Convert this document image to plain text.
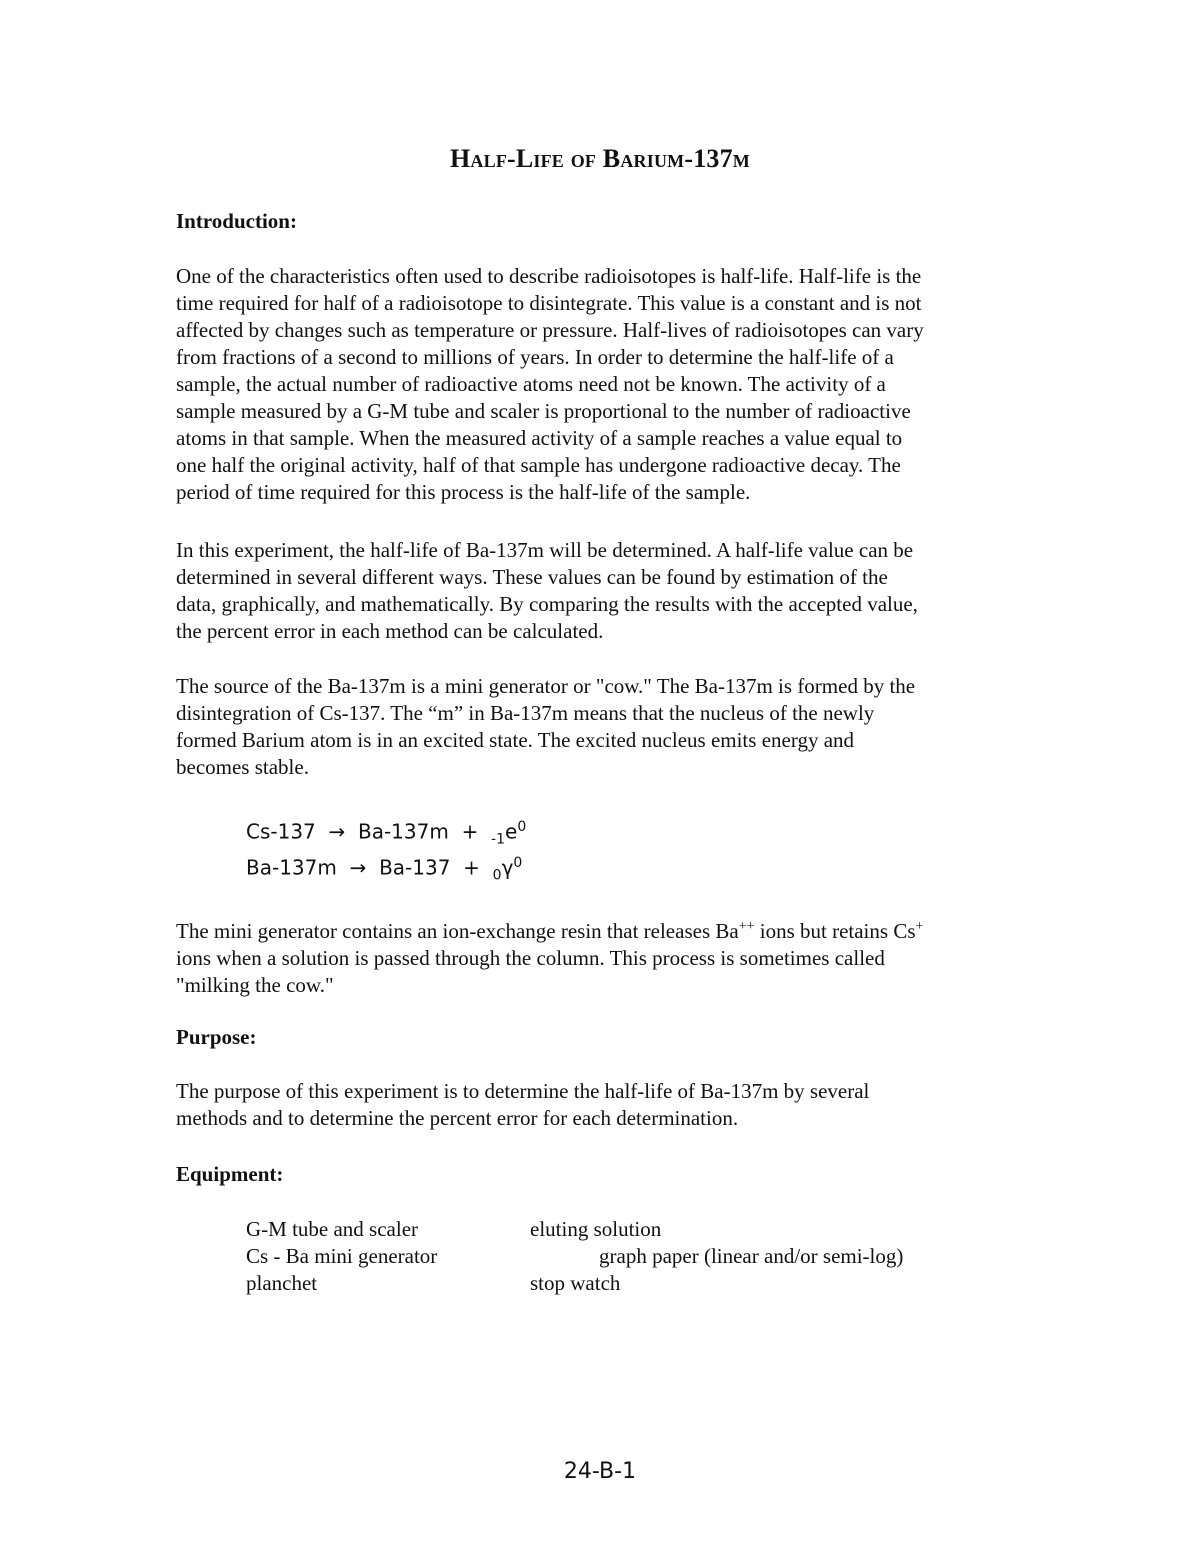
Half-Life of Barium-137m
Introduction:
One of the characteristics often used to describe radioisotopes is half-life. Half-life is the
time required for half of a radioisotope to disintegrate. This value is a constant and is not
affected by changes such as temperature or pressure. Half-lives of radioisotopes can vary
from fractions of a second to millions of years. In order to determine the half-life of a
sample, the actual number of radioactive atoms need not be known. The activity of a
sample measured by a G-M tube and scaler is proportional to the number of radioactive
atoms in that sample. When the measured activity of a sample reaches a value equal to
one half the original activity, half of that sample has undergone radioactive decay. The
period of time required for this process is the half-life of the sample.
In this experiment, the half-life of Ba-137m will be determined. A half-life value can be
determined in several different ways. These values can be found by estimation of the
data, graphically, and mathematically. By comparing the results with the accepted value,
the percent error in each method can be calculated.
The source of the Ba-137m is a mini generator or "cow." The Ba-137m is formed by the
disintegration of Cs-137. The “m” in Ba-137m means that the nucleus of the newly
formed Barium atom is in an excited state. The excited nucleus emits energy and
becomes stable.
$Cs-137 \to Ba-137m + _{-1}e^0$
$Ba-137m \to Ba-137 + _0\gamma^0$
The mini generator contains an ion-exchange resin that releases Ba++ ions but retains Cs+
ions when a solution is passed through the column. This process is sometimes called
"milking the cow."
Purpose:
The purpose of this experiment is to determine the half-life of Ba-137m by several
methods and to determine the percent error for each determination.
Equipment:
G-M tube and scaler
Cs - Ba mini generator
planchet
eluting solution
graph paper (linear and/or semi-log)
stop watch
24-B-1
